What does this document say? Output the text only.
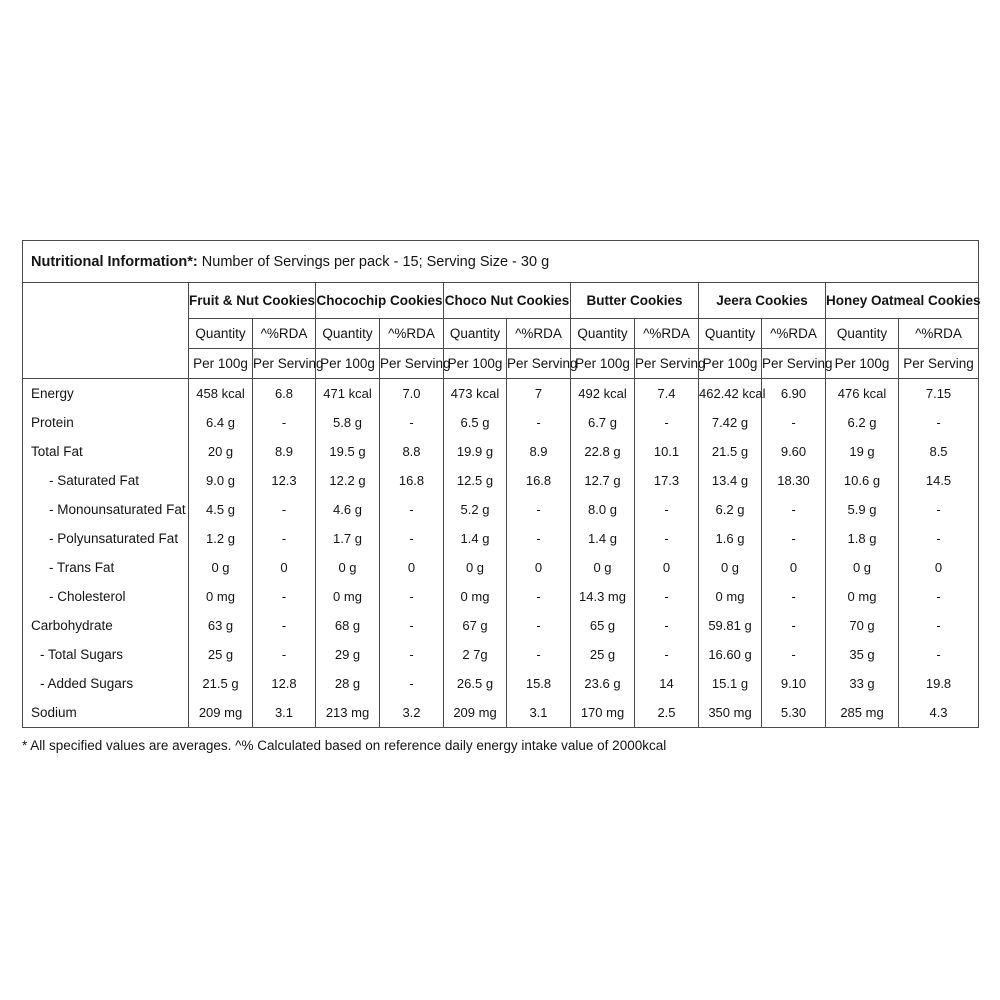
Nutritional Information*: Number of Servings per pack - 15; Serving Size - 30 g												
	Fruit & Nut Cookies		Chocochip Cookies		Choco Nut Cookies		Butter Cookies		Jeera Cookies		Honey Oatmeal Cookies	
	Quantity	^%RDA	Quantity	^%RDA	Quantity	^%RDA	Quantity	^%RDA	Quantity	^%RDA	Quantity	^%RDA
	Per 100g	Per Serving	Per 100g	Per Serving	Per 100g	Per Serving	Per 100g	Per Serving	Per 100g	Per Serving	Per 100g	Per Serving
Energy	458 kcal	6.8	471 kcal	7.0	473 kcal	7	492 kcal	7.4	462.42 kcal	6.90	476 kcal	7.15
Protein	6.4 g	-	5.8 g	-	6.5 g	-	6.7 g	-	7.42 g	-	6.2 g	-
Total Fat	20 g	8.9	19.5 g	8.8	19.9 g	8.9	22.8 g	10.1	21.5 g	9.60	19 g	8.5
- Saturated Fat	9.0 g	12.3	12.2 g	16.8	12.5 g	16.8	12.7 g	17.3	13.4 g	18.30	10.6 g	14.5
- Monounsaturated Fat	4.5 g	-	4.6 g	-	5.2 g	-	8.0 g	-	6.2 g	-	5.9 g	-
- Polyunsaturated Fat	1.2 g	-	1.7 g	-	1.4 g	-	1.4 g	-	1.6 g	-	1.8 g	-
- Trans Fat	0 g	0	0 g	0	0 g	0	0 g	0	0 g	0	0 g	0
- Cholesterol	0 mg	-	0 mg	-	0 mg	-	14.3 mg	-	0 mg	-	0 mg	-
Carbohydrate	63 g	-	68 g	-	67 g	-	65 g	-	59.81 g	-	70 g	-
- Total Sugars	25 g	-	29 g	-	2 7g	-	25 g	-	16.60 g	-	35 g	-
- Added Sugars	21.5 g	12.8	28 g	-	26.5 g	15.8	23.6 g	14	15.1 g	9.10	33 g	19.8
Sodium	209 mg	3.1	213 mg	3.2	209 mg	3.1	170 mg	2.5	350 mg	5.30	285 mg	4.3
* All specified values are averages. ^% Calculated based on reference daily energy intake value of 2000kcal
